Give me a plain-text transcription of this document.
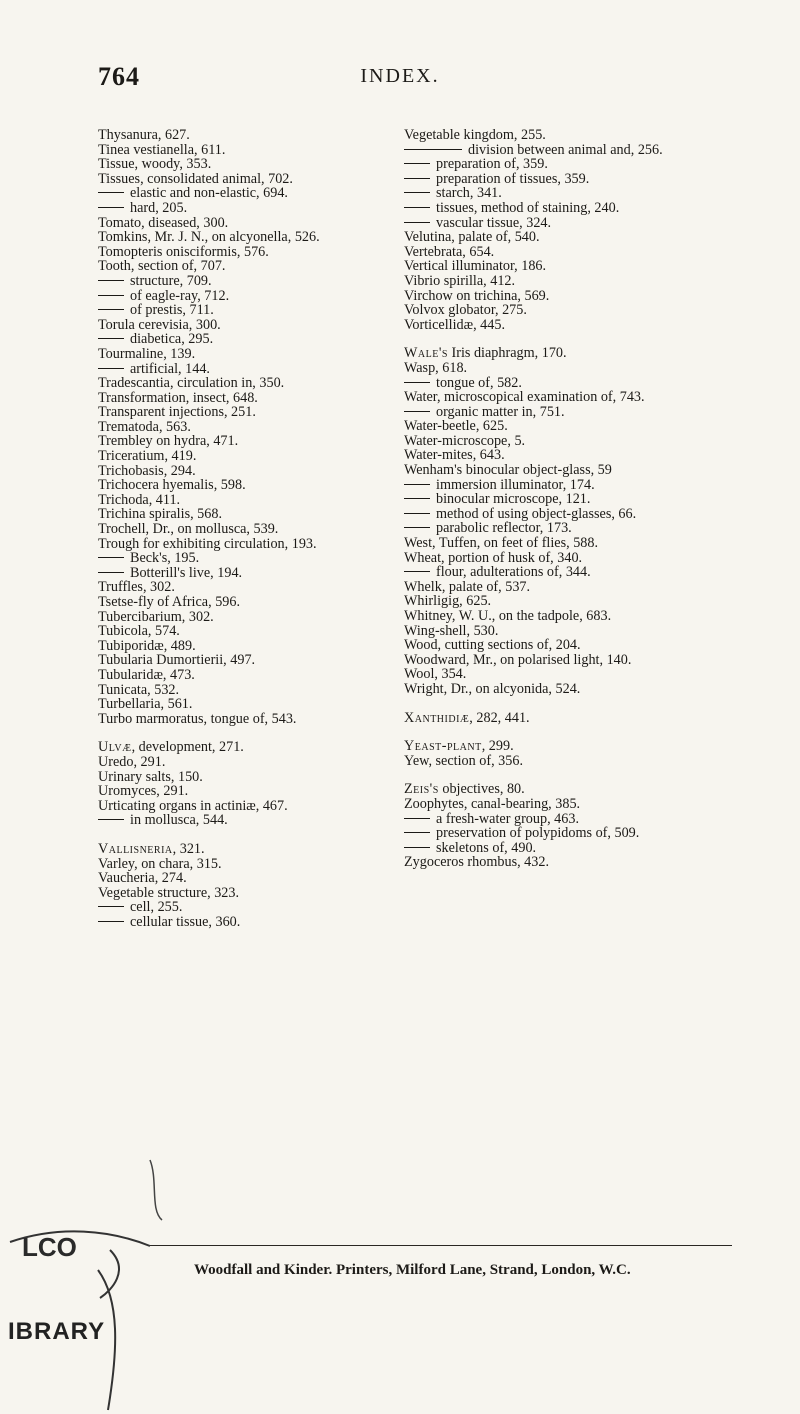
764	INDEX.

Thysanura, 627.

Tinea vestianella, 611.

Tissue, woody, 353.

Tissues, consolidated animal, 702.

elastic and non-elastic, 694.

hard, 205.

Tomato, diseased, 300.

Tomkins, Mr. J. N., on alcyonella, 526.

Tomopteris onisciformis, 576.

Tooth, section of, 707.

structure, 709.

of eagle-ray, 712.

of prestis, 711.

Torula cerevisia, 300.

diabetica, 295.

Tourmaline, 139.

artificial, 144.

Tradescantia, circulation in, 350.

Transformation, insect, 648.

Transparent injections, 251.

Trematoda, 563.

Trembley on hydra, 471.

Triceratium, 419.

Trichobasis, 294.

Trichocera hyemalis, 598.

Trichoda, 411.

Trichina spiralis, 568.

Trochell, Dr., on mollusca, 539.

Trough for exhibiting circulation, 193.

Beck's, 195.

Botterill's live, 194.

Truffles, 302.

Tsetse-fly of Africa, 596.

Tubercibarium, 302.

Tubicola, 574.

Tubiporidæ, 489.

Tubularia Dumortierii, 497.

Tubularidæ, 473.

Tunicata, 532.

Turbellaria, 561.

Turbo marmoratus, tongue of, 543.

Ulvæ, development, 271.

Uredo, 291.

Urinary salts, 150.

Uromyces, 291.

Urticating organs in actiniæ, 467.

in mollusca, 544.

Vallisneria, 321.

Varley, on chara, 315.

Vaucheria, 274.

Vegetable structure, 323.

cell, 255.

cellular tissue, 360.

Vegetable kingdom, 255.

division between animal and, 256.

preparation of, 359.

preparation of tissues, 359.

starch, 341.

tissues, method of staining, 240.

vascular tissue, 324.

Velutina, palate of, 540.

Vertebrata, 654.

Vertical illuminator, 186.

Vibrio spirilla, 412.

Virchow on trichina, 569.

Volvox globator, 275.

Vorticellidæ, 445.

Wale's Iris diaphragm, 170.

Wasp, 618.

tongue of, 582.

Water, microscopical examination of, 743.

organic matter in, 751.

Water-beetle, 625.

Water-microscope, 5.

Water-mites, 643.

Wenham's binocular object-glass, 59

immersion illuminator, 174.

binocular microscope, 121.

method of using object-glasses, 66.

parabolic reflector, 173.

West, Tuffen, on feet of flies, 588.

Wheat, portion of husk of, 340.

flour, adulterations of, 344.

Whelk, palate of, 537.

Whirligig, 625.

Whitney, W. U., on the tadpole, 683.

Wing-shell, 530.

Wood, cutting sections of, 204.

Woodward, Mr., on polarised light, 140.

Wool, 354.

Wright, Dr., on alcyonida, 524.

Xanthidiæ, 282, 441.

Yeast-plant, 299.

Yew, section of, 356.

Zeis's objectives, 80.

Zoophytes, canal-bearing, 385.

a fresh-water group, 463.

preservation of polypidoms of, 509.

skeletons of, 490.

Zygoceros rhombus, 432.

Woodfall and Kinder. Printers, Milford Lane, Strand, London, W.C.
LCO
IBRARY
